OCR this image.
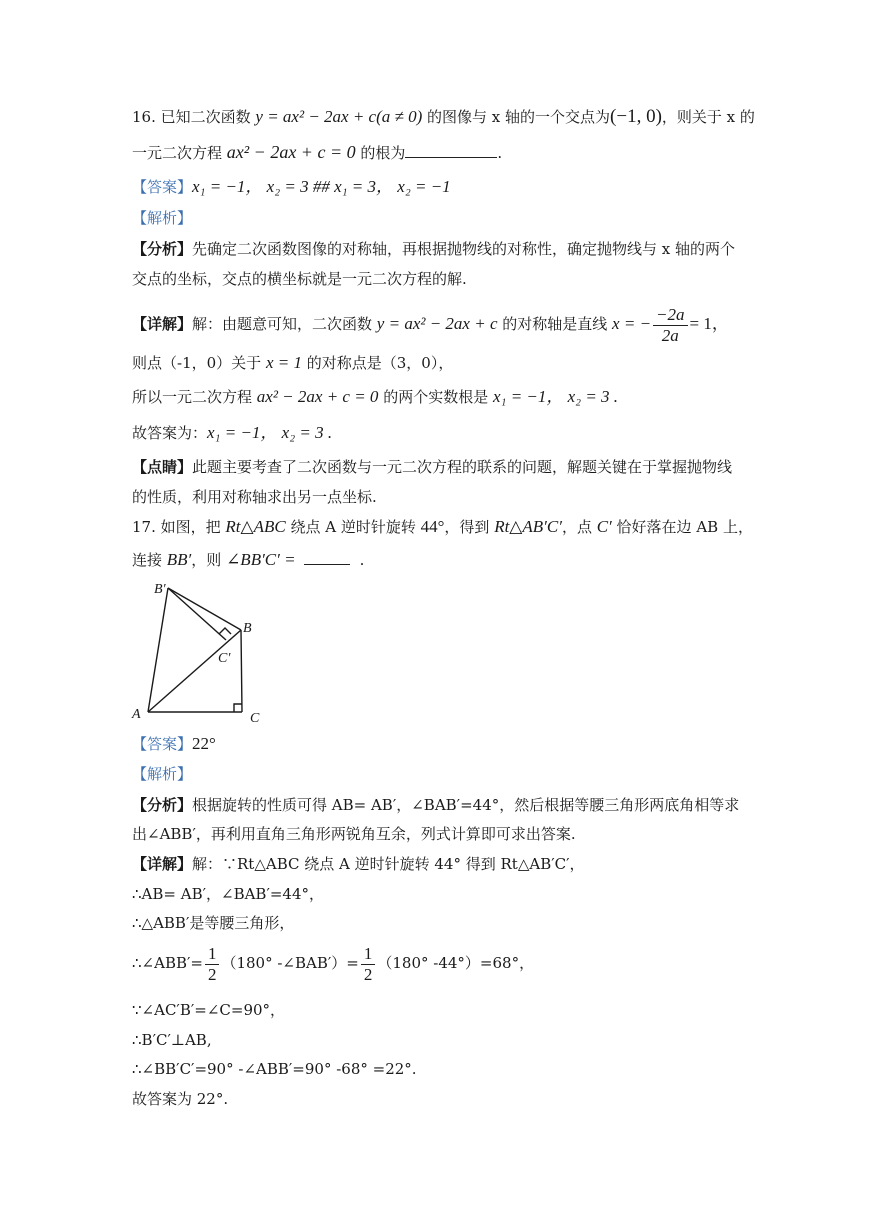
16. 已知二次函数 y = ax² − 2ax + c(a ≠ 0) 的图像与 x 轴的一个交点为(−1, 0)，则关于 x 的
一元二次方程 ax² − 2ax + c = 0 的根为	.
【答案】x₁ = −1， x₂ = 3 ## x₁ = 3， x₂ = −1
【解析】
【分析】先确定二次函数图像的对称轴，再根据抛物线的对称性，确定抛物线与 x 轴的两个
交点的坐标，交点的横坐标就是一元二次方程的解.
【详解】解：由题意可知，二次函数 y = ax² − 2ax + c 的对称轴是直线 x = − $\frac{-2a}{2a} = 1$，
则点（-1，0）关于 x = 1 的对称点是（3，0），
所以一元二次方程 ax² − 2ax + c = 0 的两个实数根是 x₁ = −1， x₂ = 3 .
故答案为：x₁ = −1， x₂ = 3 .
【点睛】此题主要考查了二次函数与一元二次方程的联系的问题，解题关键在于掌握抛物线
的性质，利用对称轴求出另一点坐标.
17. 如图，把 Rt△ABC 绕点 A 逆时针旋转 44°，得到 Rt△AB′C′，点 C′ 恰好落在边 AB 上，
连接 BB′，则 ∠BB′C′ =	.
B′
B
C′
A	C
【答案】22°
【解析】
【分析】根据旋转的性质可得 AB= AB′，∠BAB′=44°，然后根据等腰三角形两底角相等求
出∠ABB′，再利用直角三角形两锐角互余，列式计算即可求出答案.
【详解】解：∵Rt△ABC 绕点 A 逆时针旋转 44° 得到 Rt△AB′C′，
∴AB= AB′，∠BAB′=44°，
∴△ABB′是等腰三角形，
∴∠ABB′= $\frac{1}{2} (180^\circ$ -∠BAB′）= $\frac{1}{2} (180^\circ$ -44°）=68°，
∵∠AC′B′=∠C=90°，
∴B′C′⊥AB,
∴∠BB′C′=90° -∠ABB′=90° -68° =22°.
故答案为 22°.
